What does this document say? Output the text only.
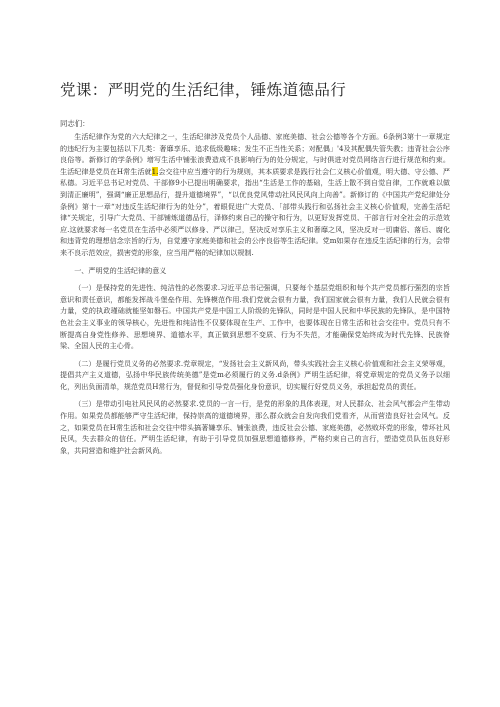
党课：严明党的生活纪律，锤炼道德品行
同志们：

生活纪律作为党的六大纪律之一，生活纪律涉及党员个人品德、家庭美德、社会公德等各个方面。6条例3第十一章规定的违纪行为主要包括以下几类：奢靡享乐、追求低级趣味；发生不正当性关系；对配偶」'4及其配偶失管失教；违背社会公序良俗等。新修订的学条例》增写生活中铺张浪费造成不良影响行为的处分规定，与时俱进对党员网络言行进行规范和约束。生活纪律是党员在H常生活就1.会交往中应当遵守的行为规则，其本质要求是践行社会仁义核心价值观，明大德、守公德、严私德。习近平总书记对党员、干部修9小已提出明确要求，指出“生活是工作的基础，生活上散不到自觉自律，工作就难以做到清正廉明”，强调“廉正思想品行，提升道德境界”，“以优良党风带动社风民风向上向善”。新修订的《中国共产党纪律处分条例》第十一章“对违反生活纪律行为的处分”，着眼促进广大党员、「部带头践行和弘扬社会主义核心价值观，完善生活纪律“关规定，引导广大党员、干部铺炼道德品行，泽修约束自己的操守和行为，以更好发挥党员、干部言行对全社会的示范效应.这就要求每一名党员在生活中必须严以修身、严以律己，坚决反对享乐主义和奢靡之风，坚决反对一切庸俗、落后、腐化和违背党的理想信念宗旨的行为，自觉遵守家庭美德和社会的公序良俗等生活纪律。党m如果存在违反生活纪律的行为，会带来不良示范效应，损害党的形象，应当用严格的纪律加以规制.

一、严明党的生活纪律的意义

（一）是保持党的先进性、纯洁性的必然要求.习近平总书记强调，只要每个基层党组织和每个共产党员都行强烈的宗旨意识和责任意识，都能发挥战斗堡垒作用、先锋模范作用.我们党就会很有力量，我们国家就会很有力量，我们人民就会很有力量，党的执政瑾础就能坚如磐石。中国共产党是中国工人阶级的先锋队，同时是中国人民和中华民族的先锋队，是中国特色社会主义事业的领导核心，先进性和纯洁性不仅要体现在生产、工作中，也要体现在日常生活和社会交往中。党员只有不断提高自身党性修养、思想境界、道德水平，真正做到思想不变质、行为不失范，才能确保党始终成为时代先锋、民族脊梁、全国人民的主心骨。

（二）是履行党员义务的必然要求.党章规定，“发扬社会主义新风尚，带头实践社会主义核心价值观和社会主义荣辱观，提倡共产主义道德，弘扬中华民族传统美德”是党m必须履行的义务.d条例》严明生活纪律，将党章规定的党员义务予以细化，列出负面清单，规范党员H常行为，督促和引导党员强化身份意识，切实履行好党员义务，承担起党员的责任。

（三）是带动引电社风民风的必然要求.党员的一言一行，是党的形象的具体表现，对人民群众、社会风气都会产生带动作用。如果党员都能够严守生活纪律，保持崇高的道德境界，那么群众就会自发向我们党看齐，从而营造良好社会风气。反之，如果党员在H常生活和社会交往中带头搞著嫌享乐、铺张浪费，违反社会公德、家庭美德，必然败坏党的形象，带坏社风民风，失去群众的信任。严明生活纪律，有助于引导党员加强思想道德修养，严格约束自己的言行，塑造党员队伍良好形象，共同营造和维护社会新风尚。
